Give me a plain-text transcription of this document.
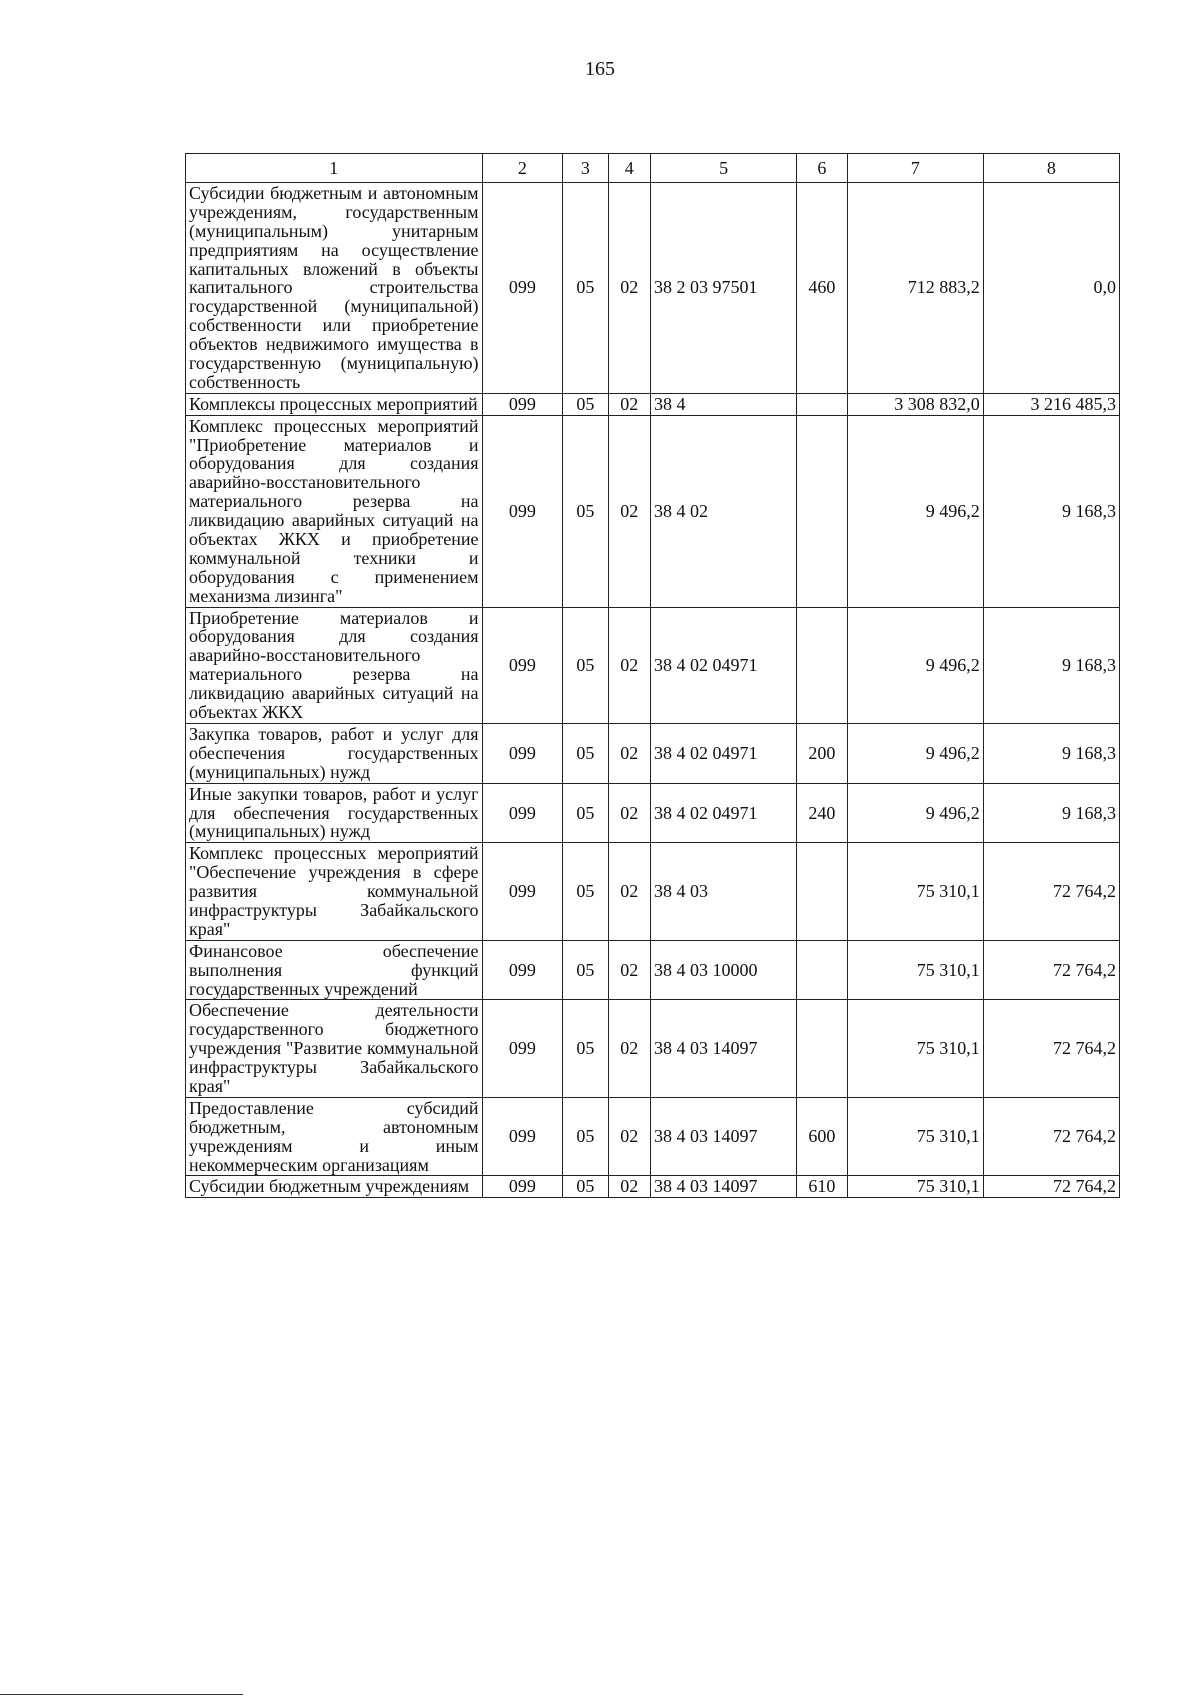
165
1	2	3	4	5	6	7	8
Субсидии бюджетным и автономным учреждениям, государственным (муниципальным) унитарным предприятиям на осуществление капитальных вложений в объекты капитального строительства государственной (муниципальной) собственности или приобретение объектов недвижимого имущества в государственную (муниципальную) собственность	099	05	02	38 2 03 97501	460	712 883,2	0,0
Комплексы процессных мероприятий	099	05	02	38 4		3 308 832,0	3 216 485,3
Комплекс процессных мероприятий "Приобретение материалов и оборудования для создания аварийно-восстановительного материального резерва на ликвидацию аварийных ситуаций на объектах ЖКХ и приобретение коммунальной техники и оборудования с применением механизма лизинга"	099	05	02	38 4 02		9 496,2	9 168,3
Приобретение материалов и оборудования для создания аварийно-восстановительного материального резерва на ликвидацию аварийных ситуаций на объектах ЖКХ	099	05	02	38 4 02 04971		9 496,2	9 168,3
Закупка товаров, работ и услуг для обеспечения государственных (муниципальных) нужд	099	05	02	38 4 02 04971	200	9 496,2	9 168,3
Иные закупки товаров, работ и услуг для обеспечения государственных (муниципальных) нужд	099	05	02	38 4 02 04971	240	9 496,2	9 168,3
Комплекс процессных мероприятий "Обеспечение учреждения в сфере развития коммунальной инфраструктуры Забайкальского края"	099	05	02	38 4 03		75 310,1	72 764,2
Финансовое обеспечение выполнения функций государственных учреждений	099	05	02	38 4 03 10000		75 310,1	72 764,2
Обеспечение деятельности государственного бюджетного учреждения "Развитие коммунальной инфраструктуры Забайкальского края"	099	05	02	38 4 03 14097		75 310,1	72 764,2
Предоставление субсидий бюджетным, автономным учреждениям и иным некоммерческим организациям	099	05	02	38 4 03 14097	600	75 310,1	72 764,2
Субсидии бюджетным учреждениям	099	05	02	38 4 03 14097	610	75 310,1	72 764,2
